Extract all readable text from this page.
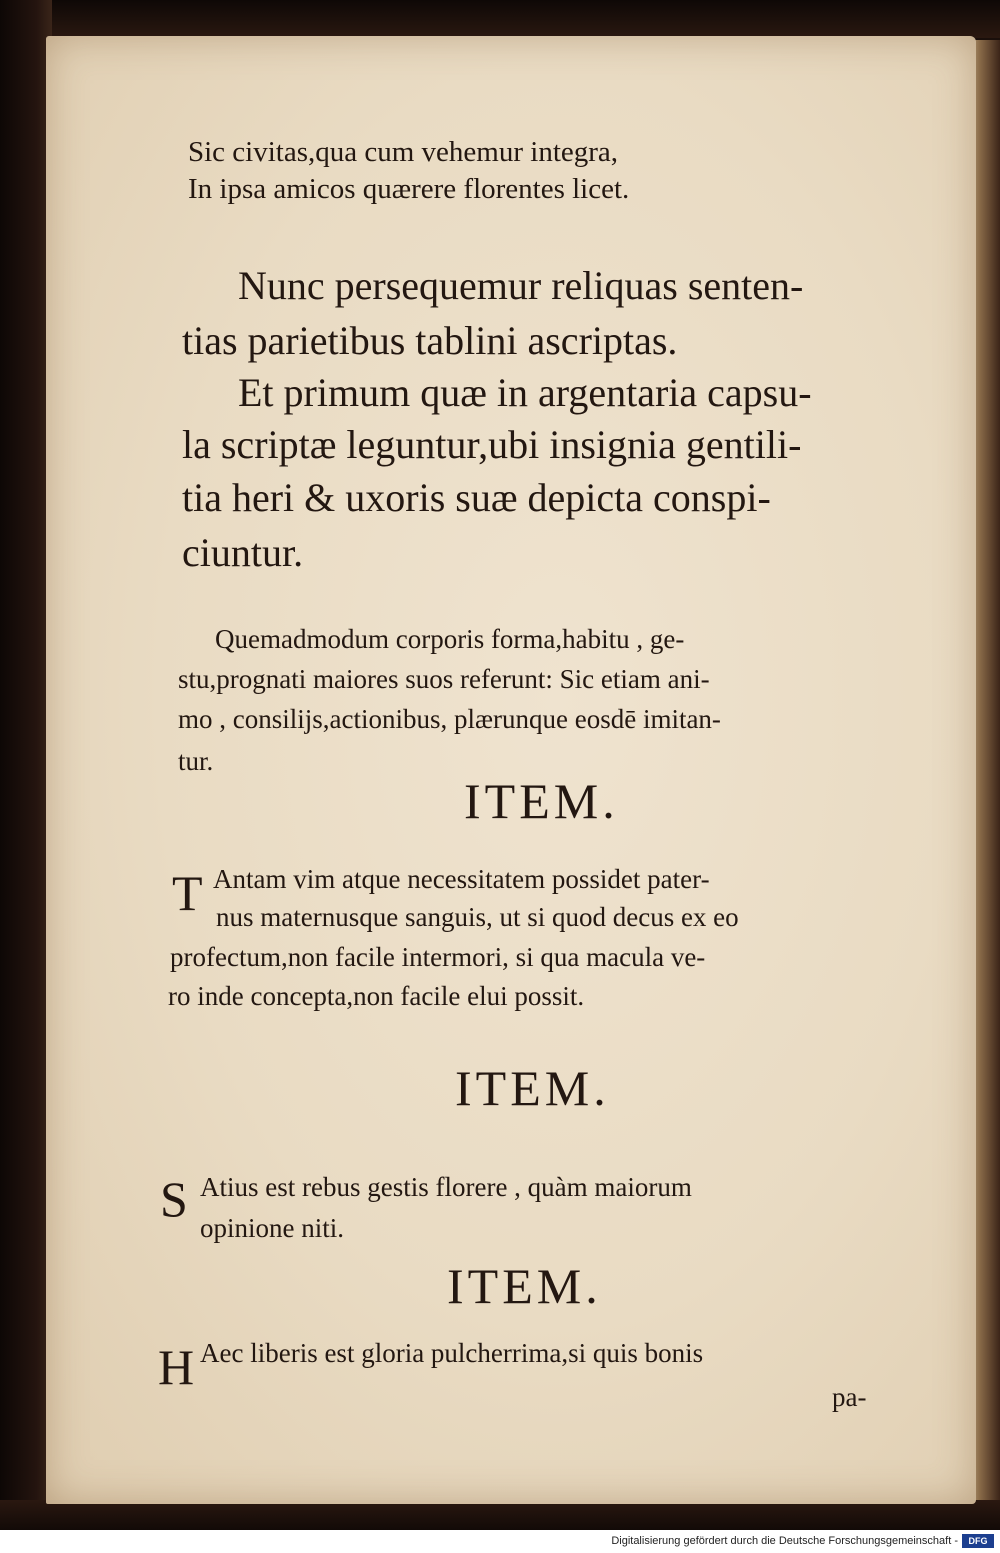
Sic civitas,qua cum vehemur integra,
In ipsa amicos quærere florentes licet.
Nunc persequemur reliquas senten-
tias parietibus tablini ascriptas.
Et primum quæ in argentaria capsu-
la scriptæ leguntur,ubi insignia gentili-
tia heri & uxoris suæ depicta conspi-
ciuntur.
Quemadmodum corporis forma,habitu , ge-
stu,prognati maiores suos referunt: Sic etiam ani-
mo , consilijs,actionibus, plærunque eosdē imitan-
tur.
ITEM.
T Antam vim atque necessitatem possidet pater-
nus maternusque sanguis, ut si quod decus ex eo
profectum,non facile intermori, si qua macula ve-
ro inde concepta,non facile elui possit.
ITEM.
S Atius est rebus gestis florere , quàm maiorum
opinione niti.
ITEM.
H Aec liberis est gloria pulcherrima,si quis bonis
pa-
Digitalisierung gefördert durch die Deutsche Forschungsgemeinschaft -	DFG
